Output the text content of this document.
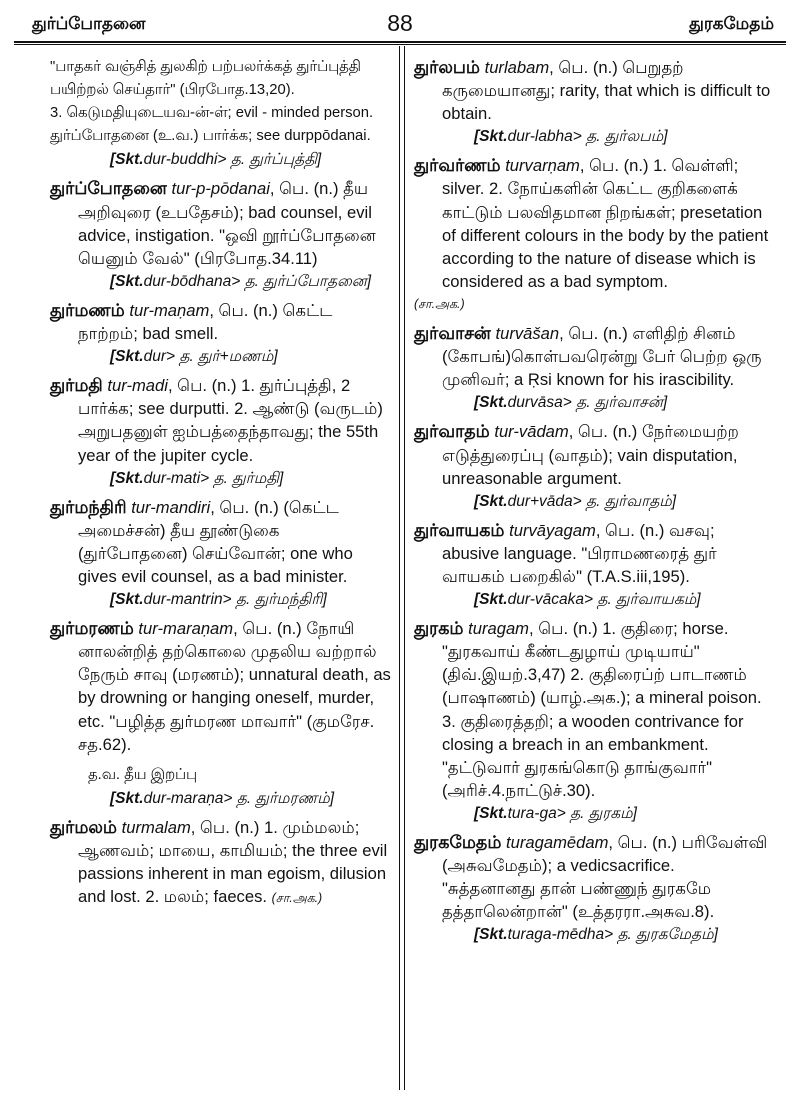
துர்ப்போதனை	88	துரகமேதம்

"பாதகர் வஞ்சித் துலகிற் பற்பலர்க்கத் துர்ப்புத்தி பயிற்றல் செய்தார்" (பிரபோத.13,20).

3. கெடுமதியுடையவ-ன்-ள்; evil - minded person. துர்ப்போதனை (உ.வ.) பார்க்க; see durppōdanai.

[Skt.dur-buddhi> த. துர்ப்புத்தி]

துர்ப்போதனை tur-p-pōdanai, பெ. (n.) தீய அறிவுரை (உபதேசம்); bad counsel, evil advice, instigation. "ஒவி றூர்ப்போதனை யெனும் வேல்" (பிரபோத.34.11)

[Skt.dur-bōdhana> த. துர்ப்போதனை]

துர்மணம் tur-maṇam, பெ. (n.) கெட்ட நாற்றம்; bad smell.

[Skt.dur> த. துர்+மணம்]

துர்மதி tur-madi, பெ. (n.) 1. துர்ப்புத்தி, 2 பார்க்க; see durputti. 2. ஆண்டு (வருடம்) அறுபதனுள் ஐம்பத்தைந்தாவது; the 55th year of the jupiter cycle.

[Skt.dur-mati> த. துர்மதி]

துர்மந்திரி tur-mandiri, பெ. (n.) (கெட்ட அமைச்சன்) தீய தூண்டுகை (துர்போதனை) செய்வோன்; one who gives evil counsel, as a bad minister.

[Skt.dur-mantrin> த. துர்மந்திரி]

துர்மரணம் tur-maraṇam, பெ. (n.) நோயி னாலன்றித் தற்கொலை முதலிய வற்றால் நேரும் சாவு (மரணம்); unnatural death, as by drowning or hanging oneself, murder, etc. "பழித்த துர்மரண மாவார்" (குமரேச. சத.62).

த.வ. தீய இறப்பு

[Skt.dur-maraṇa> த. துர்மரணம்]

துர்மலம் turmalam, பெ. (n.) 1. மும்மலம்; ஆணவம்; மாயை, காமியம்; the three evil passions inherent in man egoism, dilusion and lost. 2. மலம்; faeces. (சா.அக.)

துர்லபம் turlabam, பெ. (n.) பெறுதற் கருமையானது; rarity, that which is difficult to obtain.

[Skt.dur-labha> த. துர்லபம்]

துர்வர்ணம் turvarṇam, பெ. (n.) 1. வெள்ளி; silver. 2. நோய்களின் கெட்ட குறிகளைக் காட்டும் பலவிதமான நிறங்கள்; presetation of different colours in the body by the patient according to the nature of disease which is considered as a bad symptom.

(சா.அக.)

துர்வாசன் turvāšan, பெ. (n.) எளிதிற் சினம் (கோபங்)கொள்பவரென்று பேர் பெற்ற ஒரு முனிவர்; a Ṛsi known for his irascibility.

[Skt.durvāsa> த. துர்வாசன்]

துர்வாதம் tur-vādam, பெ. (n.) நேர்மையற்ற எடுத்துரைப்பு (வாதம்); vain disputation, unreasonable argument.

[Skt.dur+vāda> த. துர்வாதம்]

துர்வாயகம் turvāyagam, பெ. (n.) வசவு; abusive language. "பிராமணரைத் துர் வாயகம் பறைகில்" (T.A.S.iii,195).

[Skt.dur-vācaka> த. துர்வாயகம்]

துரகம் turagam, பெ. (n.) 1. குதிரை; horse. "துரகவாய் கீண்டதுழாய் முடியாய்" (திவ்.இயற்.3,47) 2. குதிரைப்ற் பாடாணம் (பாஷாணம்) (யாழ்.அக.); a mineral poison. 3. குதிரைத்தறி; a wooden contrivance for closing a breach in an embankment. "தட்டுவார் துரகங்கொடு தாங்குவார்" (அரிச்.4.நாட்டுச்.30).

[Skt.tura-ga> த. துரகம்]

துரகமேதம் turagamēdam, பெ. (n.) பரிவேள்வி (அசுவமேதம்); a vedicsacrifice. "சுத்தனானது தான் பண்ணுந் துரகமே தத்தாலென்றான்" (உத்தரரா.அசுவ.8).

[Skt.turaga-mēdha> த. துரகமேதம்]
